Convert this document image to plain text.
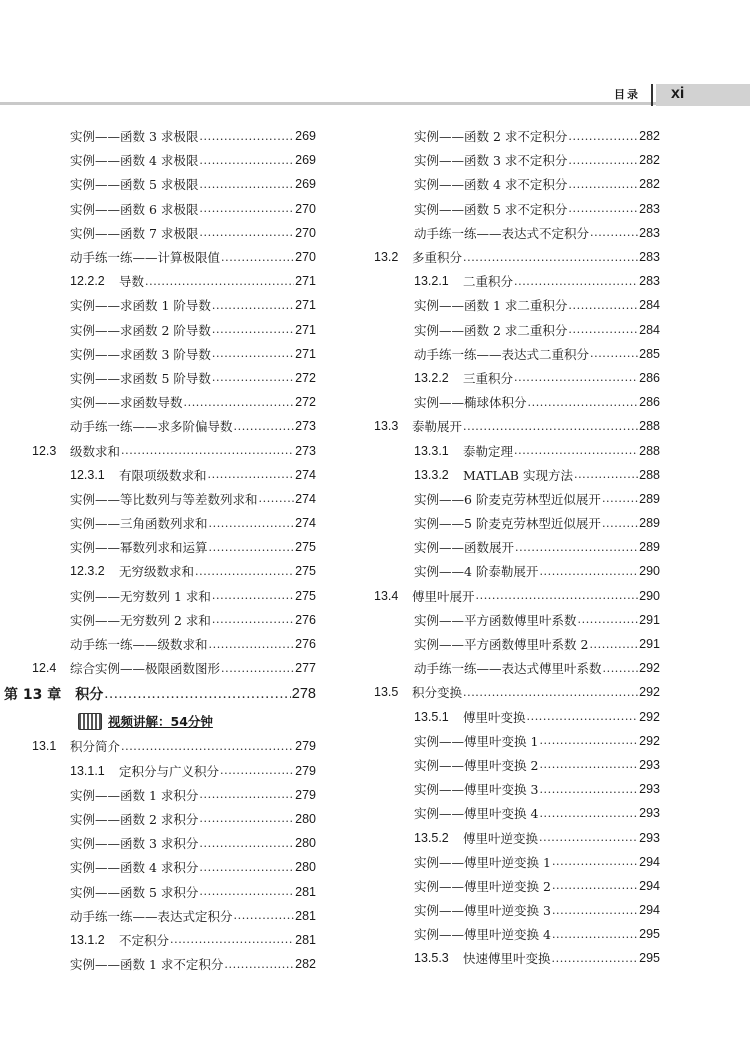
目录 xi
实例——函数 3 求极限 .....	269
实例——函数 4 求极限 .....	269
实例——函数 5 求极限 .....	269
实例——函数 6 求极限 .....	270
实例——函数 7 求极限 .....	270
动手练一练——计算极限值 .....	270
12.2.2	导数 .....	271
实例——求函数 1 阶导数 .....	271
实例——求函数 2 阶导数 .....	271
实例——求函数 3 阶导数 .....	271
实例——求函数 5 阶导数 .....	272
实例——求函数导数 .....	272
动手练一练——求多阶偏导数 .....	273
12.3	级数求和 .....	273
12.3.1	有限项级数求和 .....	274
实例——等比数列与等差数列求和 .....	274
实例——三角函数列求和 .....	274
实例——幂数列求和运算 .....	275
12.3.2	无穷级数求和 .....	275
实例——无穷数列 1 求和 .....	275
实例——无穷数列 2 求和 .....	276
动手练一练——级数求和 .....	276
12.4	综合实例——极限函数图形 .....	277
第 13 章　积分 .....	278
视频讲解：54分钟
13.1	积分简介 .....	279
13.1.1	定积分与广义积分 .....	279
实例——函数 1 求积分 .....	279
实例——函数 2 求积分 .....	280
实例——函数 3 求积分 .....	280
实例——函数 4 求积分 .....	280
实例——函数 5 求积分 .....	281
动手练一练——表达式定积分 .....	281
13.1.2	不定积分 .....	281
实例——函数 1 求不定积分 .....	282
实例——函数 2 求不定积分 .....	282
实例——函数 3 求不定积分 .....	282
实例——函数 4 求不定积分 .....	282
实例——函数 5 求不定积分 .....	283
动手练一练——表达式不定积分 .....	283
13.2	多重积分 .....	283
13.2.1	二重积分 .....	283
实例——函数 1 求二重积分 .....	284
实例——函数 2 求二重积分 .....	284
动手练一练——表达式二重积分 .....	285
13.2.2	三重积分 .....	286
实例——椭球体积分 .....	286
13.3	泰勒展开 .....	288
13.3.1	泰勒定理 .....	288
13.3.2	MATLAB 实现方法 .....	288
实例——6 阶麦克劳林型近似展开 .....	289
实例——5 阶麦克劳林型近似展开 .....	289
实例——函数展开 .....	289
实例——4 阶泰勒展开 .....	290
13.4	傅里叶展开 .....	290
实例——平方函数傅里叶系数 .....	291
实例——平方函数傅里叶系数 2 .....	291
动手练一练——表达式傅里叶系数 .....	292
13.5	积分变换 .....	292
13.5.1	傅里叶变换 .....	292
实例——傅里叶变换 1 .....	292
实例——傅里叶变换 2 .....	293
实例——傅里叶变换 3 .....	293
实例——傅里叶变换 4 .....	293
13.5.2	傅里叶逆变换 .....	293
实例——傅里叶逆变换 1 .....	294
实例——傅里叶逆变换 2 .....	294
实例——傅里叶逆变换 3 .....	294
实例——傅里叶逆变换 4 .....	295
13.5.3	快速傅里叶变换 .....	295
